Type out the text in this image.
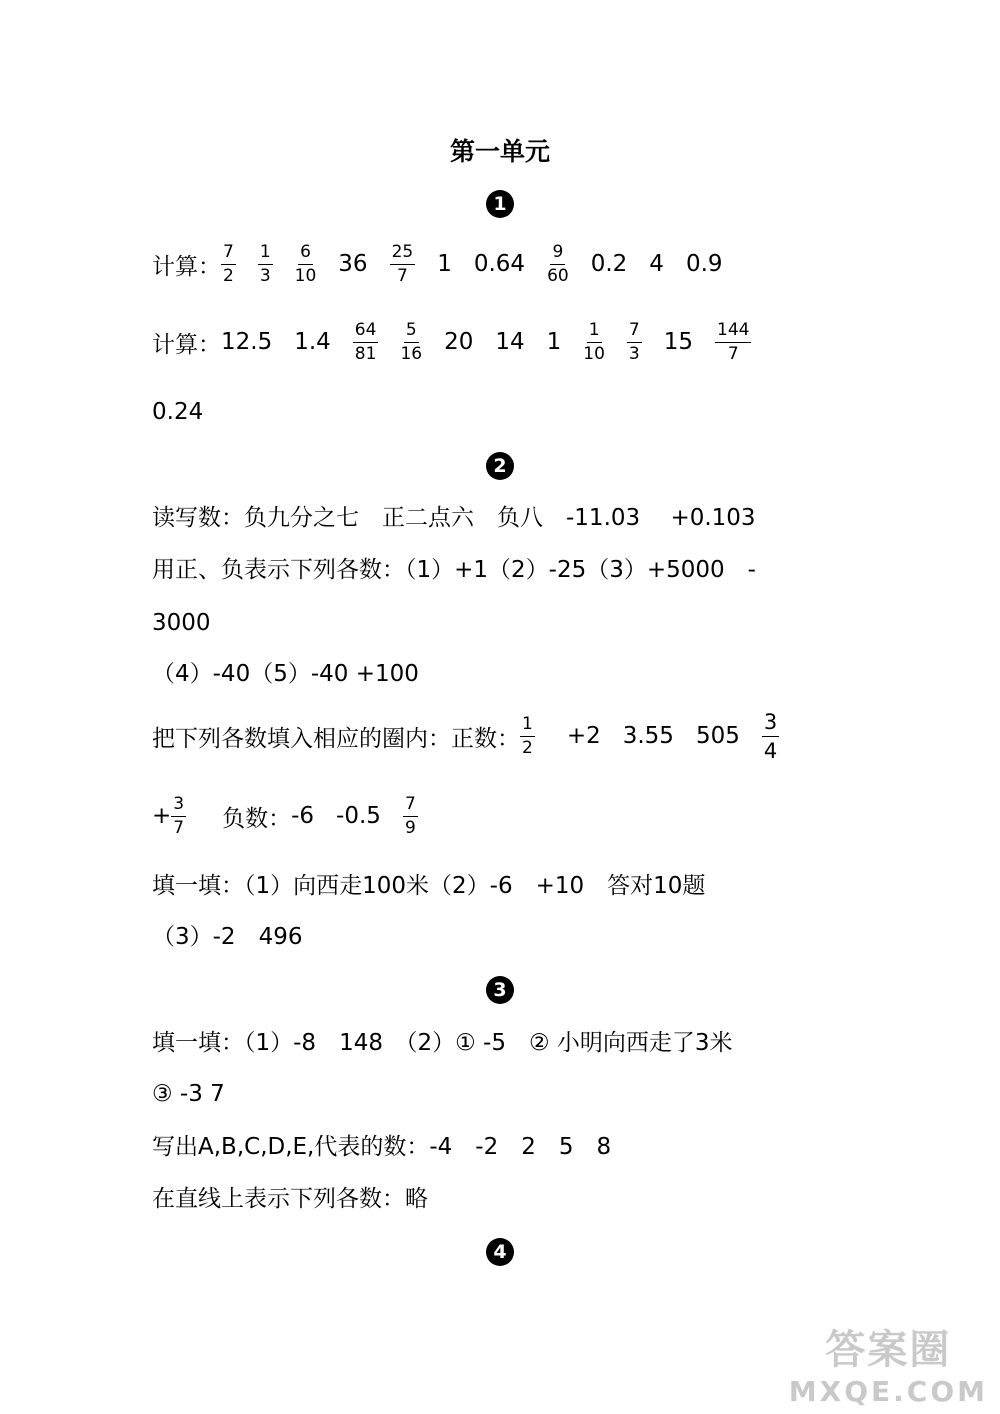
第一单元
1
计算： $\frac{7}{2} \frac{1}{3} \frac{6}{10} 36 \frac{25}{7} 1$ $0.64 \frac{9}{60} 0.2$ 4 0.9
计算： 12.5 $1.4 \frac{64}{81} \frac{5}{16} 20$ 14 $1 \frac{1}{10} \frac{7}{3} 15 \frac{144}{7}$
0.24
2
读写数：负九分之七　正二点六　负八　-11.03　 +0.103
用正、负表示下列各数：（1）+1（2）-25（3）+5000　-
3000
（4）-40（5）-40 +100
把下列各数填入相应的圈内：正数： $\frac{1}{2} +2$ 3.55 $505 \frac{3}{4}$
+ $\frac{3}{7}$ 负数： -6 $-0.5 \frac{7}{9}$
填一填：（1）向西走100米（2）-6　+10　答对10题
（3）-2　496
3
填一填：（1）-8　148　（2）① -5　② 小明向西走了3米
③ -3 7
写出A,B,C,D,E,代表的数：-4　-2　2　5　8
在直线上表示下列各数：略
4
答案圈
MXQE.COM
